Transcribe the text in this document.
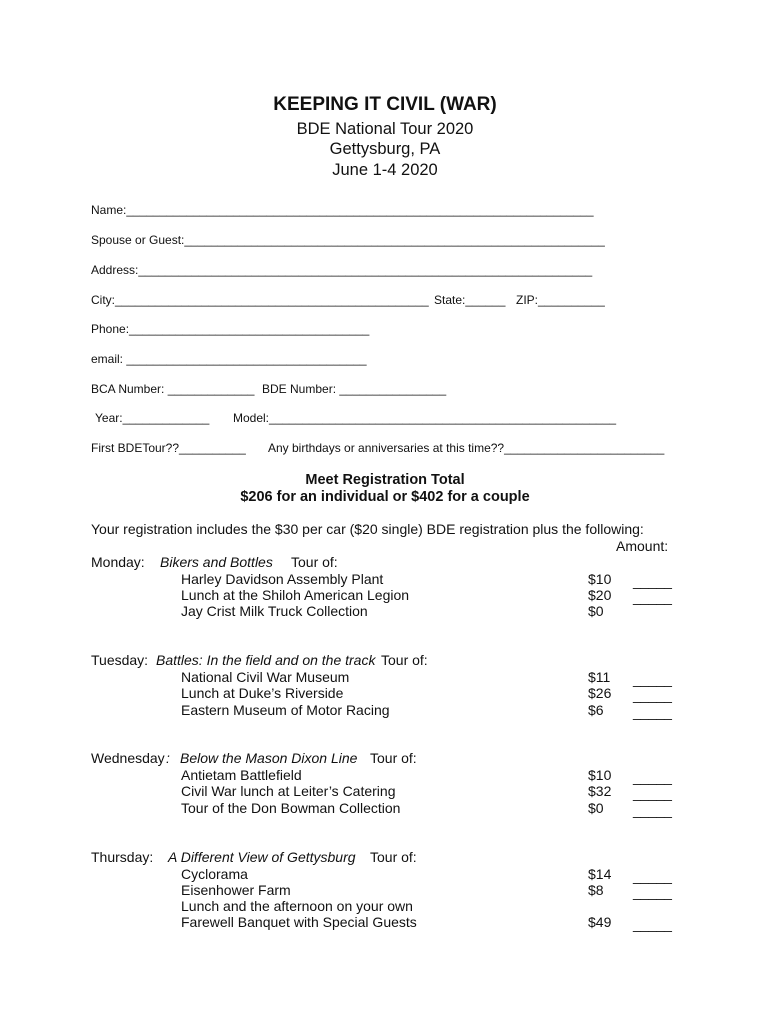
KEEPING IT CIVIL (WAR)
BDE National Tour 2020
Gettysburg, PA
June 1-4 2020
Name:______________________________________________________________________
Spouse or Guest:_______________________________________________________________
Address:____________________________________________________________________
City:_______________________________________________ State:______ ZIP:__________
Phone:____________________________________
email: ____________________________________
BCA Number: _____________ BDE Number: ________________
Year:_____________ Model:____________________________________________________
First BDETour??__________ Any birthdays or anniversaries at this time??________________________
Meet Registration Total
$206 for an individual or $402 for a couple
Your registration includes the $30 per car ($20 single) BDE registration plus the following:
Amount:
Monday: Bikers and Bottles Tour of:
Harley Davidson Assembly Plant
Lunch at the Shiloh American Legion
Jay Crist Milk Truck Collection
$10
$20
$0
_____
_____
Tuesday: Battles: In the field and on the track Tour of:
National Civil War Museum
Lunch at Duke’s Riverside
Eastern Museum of Motor Racing
$11
$26
$6
_____
_____
_____
Wednesday : Below the Mason Dixon Line Tour of:
Antietam Battlefield
Civil War lunch at Leiter’s Catering
Tour of the Don Bowman Collection
$10
$32
$0
_____
_____
_____
Thursday: A Different View of Gettysburg Tour of:
Cyclorama
Eisenhower Farm
Lunch and the afternoon on your own
Farewell Banquet with Special Guests
$14
$8
$49
_____
_____
_____
